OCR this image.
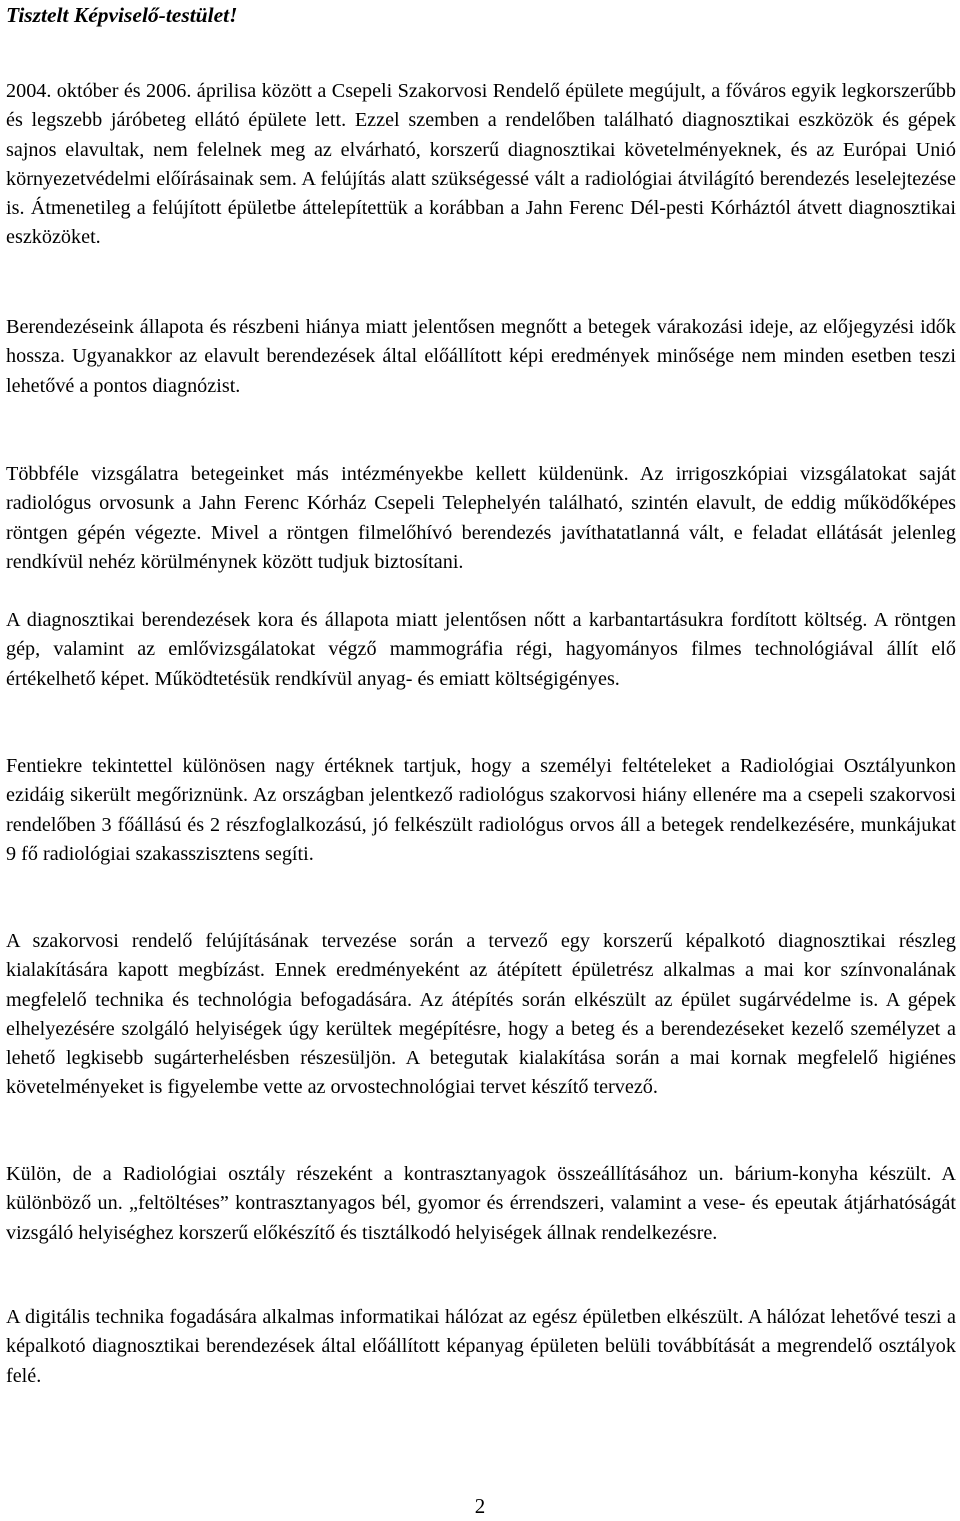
Tisztelt Képviselő-testület!

2004. október és 2006. áprilisa között a Csepeli Szakorvosi Rendelő épülete megújult, a főváros egyik legkorszerűbb és legszebb járóbeteg ellátó épülete lett. Ezzel szemben a rendelőben található diagnosztikai eszközök és gépek sajnos elavultak, nem felelnek meg az elvárható, korszerű diagnosztikai követelményeknek, és az Európai Unió környezetvédelmi előírásainak sem. A felújítás alatt szükségessé vált a radiológiai átvilágító berendezés leselejtezése is. Átmenetileg a felújított épületbe áttelepítettük a korábban a Jahn Ferenc Dél-pesti Kórháztól átvett diagnosztikai eszközöket.

Berendezéseink állapota és részbeni hiánya miatt jelentősen megnőtt a betegek várakozási ideje, az előjegyzési idők hossza. Ugyanakkor az elavult berendezések által előállított képi eredmények minősége nem minden esetben teszi lehetővé a pontos diagnózist.

Többféle vizsgálatra betegeinket más intézményekbe kellett küldenünk. Az irrigoszkópiai vizsgálatokat saját radiológus orvosunk a Jahn Ferenc Kórház Csepeli Telephelyén található, szintén elavult, de eddig működőképes röntgen gépén végezte. Mivel a röntgen filmelőhívó berendezés javíthatatlanná vált, e feladat ellátását jelenleg rendkívül nehéz körülménynek között tudjuk biztosítani.

A diagnosztikai berendezések kora és állapota miatt jelentősen nőtt a karbantartásukra fordított költség. A röntgen gép, valamint az emlővizsgálatokat végző mammográfia régi, hagyományos filmes technológiával állít elő értékelhető képet. Működtetésük rendkívül anyag- és emiatt költségigényes.

Fentiekre tekintettel különösen nagy értéknek tartjuk, hogy a személyi feltételeket a Radiológiai Osztályunkon ezidáig sikerült megőriznünk. Az országban jelentkező radiológus szakorvosi hiány ellenére ma a csepeli szakorvosi rendelőben 3 főállású és 2 részfoglalkozású, jó felkészült radiológus orvos áll a betegek rendelkezésére, munkájukat 9 fő radiológiai szakasszisztens segíti.

A szakorvosi rendelő felújításának tervezése során a tervező egy korszerű képalkotó diagnosztikai részleg kialakítására kapott megbízást. Ennek eredményeként az átépített épületrész alkalmas a mai kor színvonalának megfelelő technika és technológia befogadására. Az átépítés során elkészült az épület sugárvédelme is. A gépek elhelyezésére szolgáló helyiségek úgy kerültek megépítésre, hogy a beteg és a berendezéseket kezelő személyzet a lehető legkisebb sugárterhelésben részesüljön. A betegutak kialakítása során a mai kornak megfelelő higiénes követelményeket is figyelembe vette az orvostechnológiai tervet készítő tervező.

Külön, de a Radiológiai osztály részeként a kontrasztanyagok összeállításához un. bárium-konyha készült. A különböző un. „feltöltéses” kontrasztanyagos bél, gyomor és érrendszeri, valamint a vese- és epeutak átjárhatóságát vizsgáló helyiséghez korszerű előkészítő és tisztálkodó helyiségek állnak rendelkezésre.

A digitális technika fogadására alkalmas informatikai hálózat az egész épületben elkészült. A hálózat lehetővé teszi a képalkotó diagnosztikai berendezések által előállított képanyag épületen belüli továbbítását a megrendelő osztályok felé.

2
